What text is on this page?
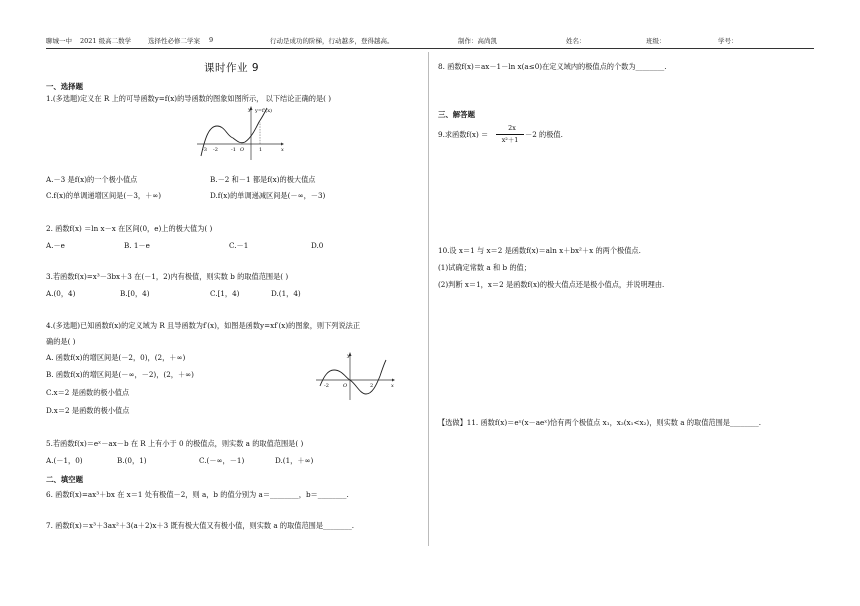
聊城一中 2021 级高二数学	选择性必修二学案 9	行动是成功的阶梯，行动越多，登得越高。	制作：高尚凯	姓名：	班级：	学号：
课时作业 9
一、选择题
1.(多选题)定义在 R 上的可导函数y=f(x)的导函数的图象如图所示， 以下结论正确的是( )
y=f'(x)
y
x
-3 -2	-1 O	1
A.－3 是f(x)的一个极小值点	B.－2 和－1 都是f(x)的极大值点
C.f(x)的单调递增区间是(－3，＋∞)	D.f(x)的单调递减区间是(－∞，－3)
2. 函数f(x) ＝ln x－x 在区间(0，e)上的极大值为( )
A.－e	B. 1－e	C.－1	D.0
3.若函数f(x)=x³－3bx＋3 在(－1，2)内有极值，则实数 b 的取值范围是( )
A.(0，4)	B.[0，4)	C.[1，4)	D.(1，4)
4.(多选题)已知函数f(x)的定义域为 R 且导函数为f′(x)，如图是函数y=xf′(x)的图象，则下列说法正
确的是( )
A. 函数f(x)的增区间是(－2，0)，(2，＋∞)
B. 函数f(x)的增区间是(－∞，－2)，(2，＋∞)
C.x＝2 是函数的极小值点
D.x＝2 是函数的极小值点
y
x
-2	O	2
5.若函数f(x)＝eˣ－ax－b 在 R 上有小于 0 的极值点，则实数 a 的取值范围是( )
A.(－1，0)	B.(0，1)	C.(－∞，－1)	D.(1，＋∞)
二、填空题
6. 函数f(x)=ax³＋bx 在 x＝1 处有极值－2，则 a，b 的值分别为 a＝________，b＝________.
7. 函数f(x)＝x³＋3ax²＋3(a＋2)x＋3 既有极大值又有极小值，则实数 a 的取值范围是________.
8. 函数f(x)＝ax－1－ln x(a≤0)在定义域内的极值点的个数为________.
三、解答题
9.求函数f(x) ＝
2x
x²＋1
－2 的极值.
10.设 x＝1 与 x＝2 是函数f(x)＝aln x＋bx²＋x 的两个极值点.
(1)试确定常数 a 和 b 的值；
(2)判断 x＝1，x＝2 是函数f(x)的极大值点还是极小值点，并说明理由.
【选做】11. 函数f(x)＝eˣ(x－aeˣ)恰有两个极值点 x₁，x₂(x₁<x₂)，则实数 a 的取值范围是________.
